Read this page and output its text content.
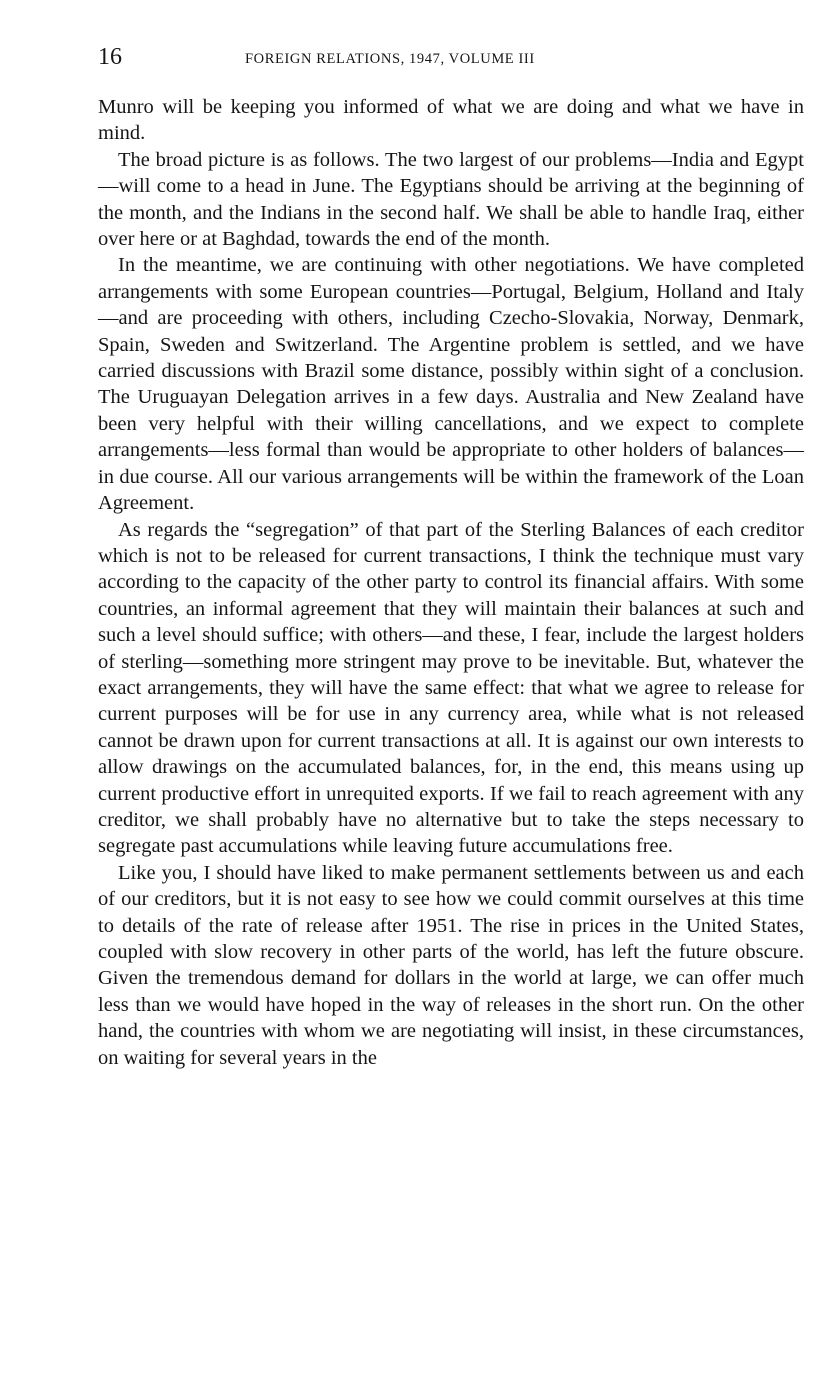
16	FOREIGN RELATIONS, 1947, VOLUME III

Munro will be keeping you informed of what we are doing and what we have in mind.

The broad picture is as follows. The two largest of our problems—India and Egypt—will come to a head in June. The Egyptians should be arriving at the beginning of the month, and the Indians in the second half. We shall be able to handle Iraq, either over here or at Baghdad, towards the end of the month.

In the meantime, we are continuing with other negotiations. We have completed arrangements with some European countries—Portugal, Belgium, Holland and Italy—and are proceeding with others, including Czecho-Slovakia, Norway, Denmark, Spain, Sweden and Switzerland. The Argentine problem is settled, and we have carried discussions with Brazil some distance, possibly within sight of a conclusion. The Uruguayan Delegation arrives in a few days. Australia and New Zealand have been very helpful with their willing cancellations, and we expect to complete arrangements—less formal than would be appropriate to other holders of balances—in due course. All our various arrangements will be within the framework of the Loan Agreement.

As regards the “segregation” of that part of the Sterling Balances of each creditor which is not to be released for current transactions, I think the technique must vary according to the capacity of the other party to control its financial affairs. With some countries, an informal agreement that they will maintain their balances at such and such a level should suffice; with others—and these, I fear, include the largest holders of sterling—something more stringent may prove to be inevitable. But, whatever the exact arrangements, they will have the same effect: that what we agree to release for current purposes will be for use in any currency area, while what is not released cannot be drawn upon for current transactions at all. It is against our own interests to allow drawings on the accumulated balances, for, in the end, this means using up current productive effort in unrequited exports. If we fail to reach agreement with any creditor, we shall probably have no alternative but to take the steps necessary to segregate past accumulations while leaving future accumulations free.

Like you, I should have liked to make permanent settlements between us and each of our creditors, but it is not easy to see how we could commit ourselves at this time to details of the rate of release after 1951. The rise in prices in the United States, coupled with slow recovery in other parts of the world, has left the future obscure. Given the tremendous demand for dollars in the world at large, we can offer much less than we would have hoped in the way of releases in the short run. On the other hand, the countries with whom we are negotiating will insist, in these circumstances, on waiting for several years in the
